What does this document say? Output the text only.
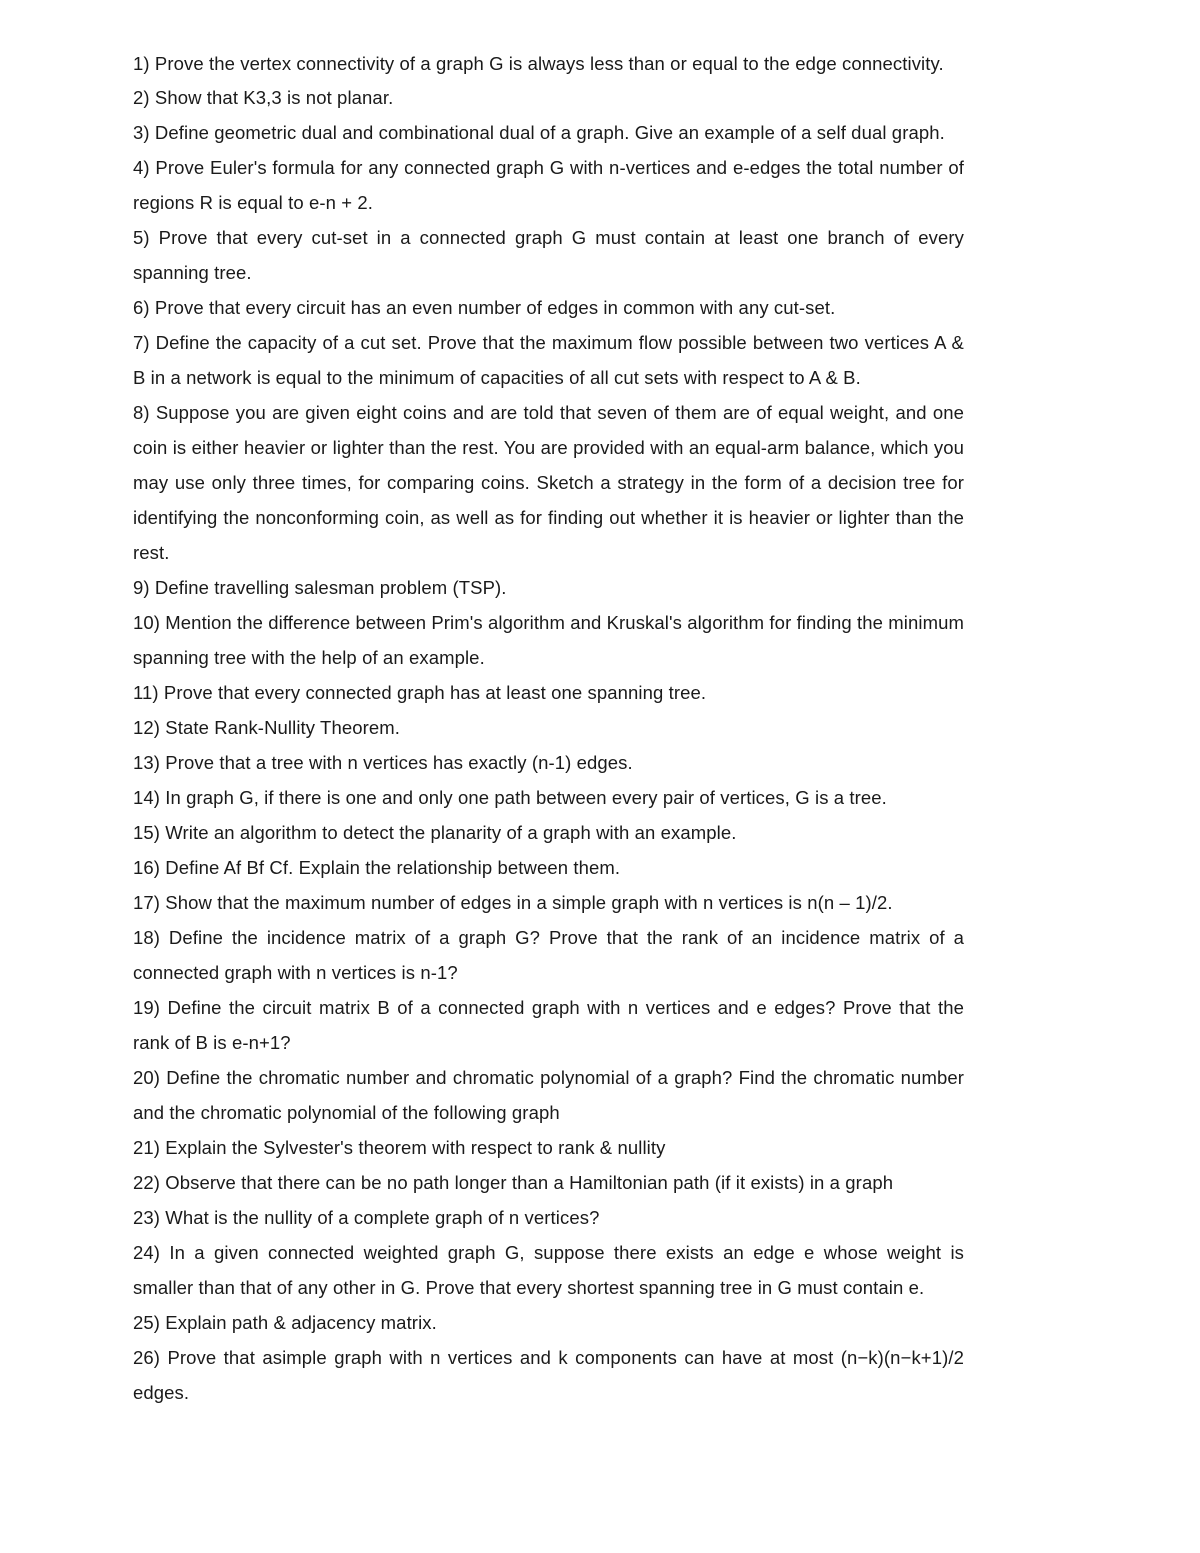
1) Prove the vertex connectivity of a graph G is always less than or equal to the edge connectivity.

2) Show that K3,3 is not planar.

3) Define geometric dual and combinational dual of a graph. Give an example of a self dual graph.

4) Prove Euler's formula for any connected graph G with n-vertices and e-edges the total number of regions R is equal to e-n + 2.

5) Prove that every cut-set in a connected graph G must contain at least one branch of every spanning tree.

6) Prove that every circuit has an even number of edges in common with any cut-set.

7) Define the capacity of a cut set. Prove that the maximum flow possible between two vertices A & B in a network is equal to the minimum of capacities of all cut sets with respect to A & B.

8) Suppose you are given eight coins and are told that seven of them are of equal weight, and one coin is either heavier or lighter than the rest. You are provided with an equal-arm balance, which you may use only three times, for comparing coins. Sketch a strategy in the form of a decision tree for identifying the nonconforming coin, as well as for finding out whether it is heavier or lighter than the rest.

9) Define travelling salesman problem (TSP).

10) Mention the difference between Prim's algorithm and Kruskal's algorithm for finding the minimum spanning tree with the help of an example.

11) Prove that every connected graph has at least one spanning tree.

12) State Rank-Nullity Theorem.

13) Prove that a tree with n vertices has exactly (n-1) edges.

14) In graph G, if there is one and only one path between every pair of vertices, G is a tree.

15) Write an algorithm to detect the planarity of a graph with an example.

16) Define Af Bf Cf. Explain the relationship between them.

17) Show that the maximum number of edges in a simple graph with n vertices is n(n – 1)/2.

18) Define the incidence matrix of a graph G? Prove that the rank of an incidence matrix of a connected graph with n vertices is n-1?

19) Define the circuit matrix B of a connected graph with n vertices and e edges? Prove that the rank of B is e-n+1?

20) Define the chromatic number and chromatic polynomial of a graph? Find the chromatic number and the chromatic polynomial of the following graph

21) Explain the Sylvester's theorem with respect to rank & nullity

22) Observe that there can be no path longer than a Hamiltonian path (if it exists) in a graph

23) What is the nullity of a complete graph of n vertices?

24) In a given connected weighted graph G, suppose there exists an edge e whose weight is smaller than that of any other in G. Prove that every shortest spanning tree in G must contain e.

25) Explain path & adjacency matrix.

26) Prove that asimple graph with n vertices and k components can have at most (n−k)(n−k+1)/2 edges.
